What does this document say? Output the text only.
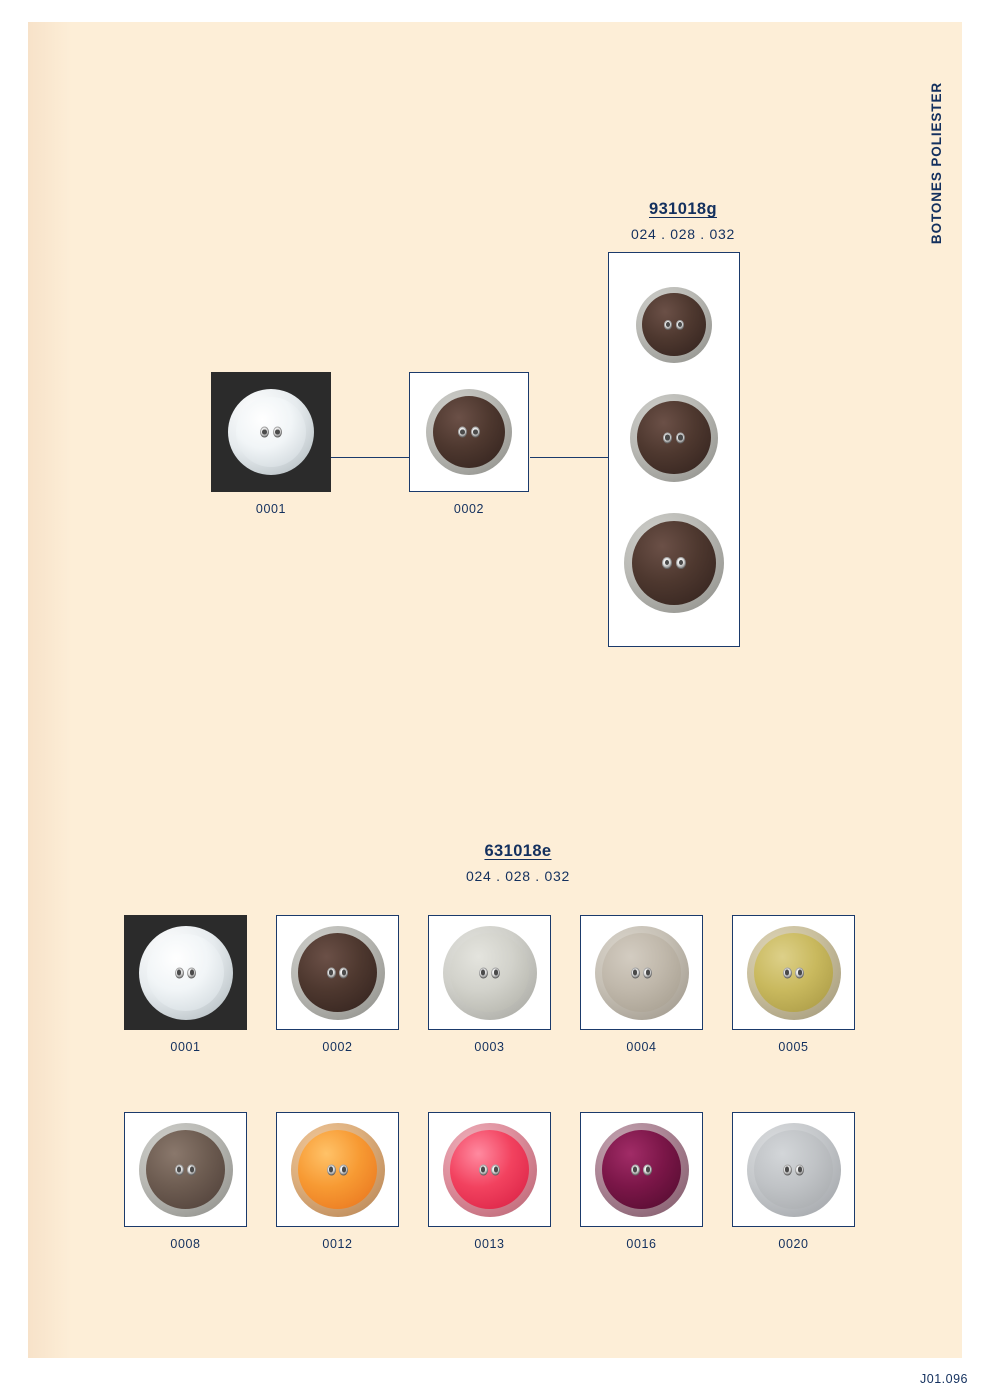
BOTONES POLIESTER
931018g
024 . 028 . 032
0001	0002
631018e
024 . 028 . 032
0001	0002	0003	0004	0005
0008	0012	0013	0016	0020
J01.096
